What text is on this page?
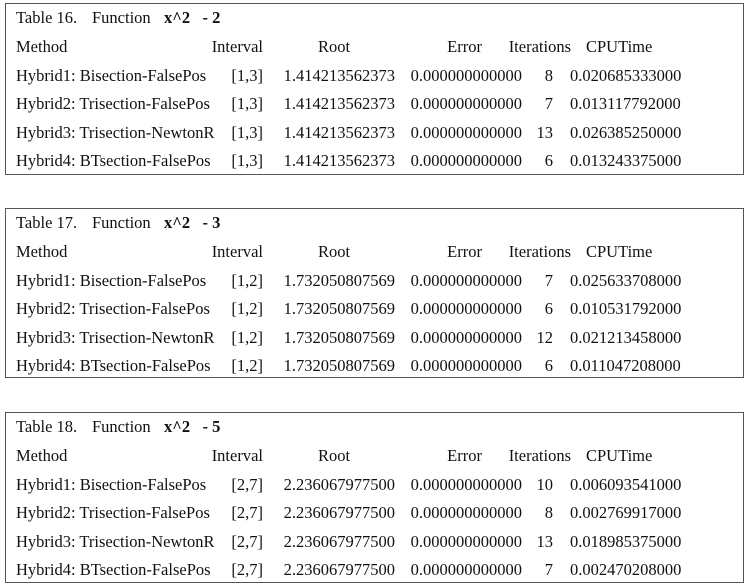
Table 16. Function x^2   - 2
Method	Interval	Root	Error Iterations CPUTime
Hybrid1: Bisection-FalsePos [1,3] 1.414213562373 0.000000000000 8 0.020685333000
Hybrid2: Trisection-FalsePos [1,3] 1.414213562373 0.000000000000 7 0.013117792000
Hybrid3: Trisection-NewtonR [1,3] 1.414213562373 0.000000000000 13 0.026385250000
Hybrid4: BTsection-FalsePos [1,3] 1.414213562373 0.000000000000 6 0.013243375000
Table 17. Function x^2   - 3
Method	Interval	Root	Error Iterations CPUTime
Hybrid1: Bisection-FalsePos [1,2] 1.732050807569 0.000000000000 7 0.025633708000
Hybrid2: Trisection-FalsePos [1,2] 1.732050807569 0.000000000000 6 0.010531792000
Hybrid3: Trisection-NewtonR [1,2] 1.732050807569 0.000000000000 12 0.021213458000
Hybrid4: BTsection-FalsePos [1,2] 1.732050807569 0.000000000000 6 0.011047208000
Table 18. Function x^2   - 5
Method	Interval	Root	Error Iterations CPUTime
Hybrid1: Bisection-FalsePos [2,7] 2.236067977500 0.000000000000 10 0.006093541000
Hybrid2: Trisection-FalsePos [2,7] 2.236067977500 0.000000000000 8 0.002769917000
Hybrid3: Trisection-NewtonR [2,7] 2.236067977500 0.000000000000 13 0.018985375000
Hybrid4: BTsection-FalsePos [2,7] 2.236067977500 0.000000000000 7 0.002470208000
